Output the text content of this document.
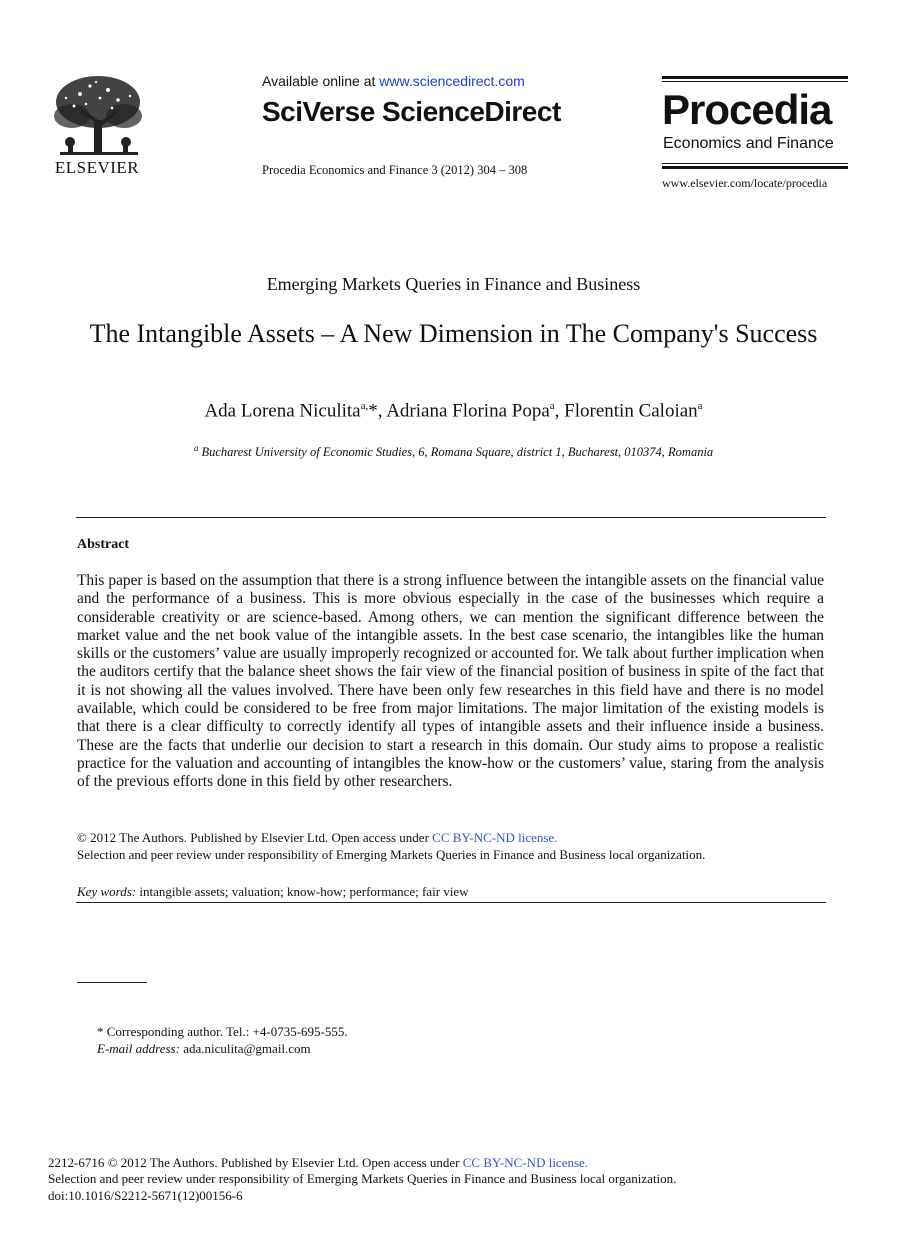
ELSEVIER
Available online at www.sciencedirect.com
SciVerse ScienceDirect
Procedia Economics and Finance 3 (2012) 304 – 308
Procedia
Economics and Finance
www.elsevier.com/locate/procedia
Emerging Markets Queries in Finance and Business
The Intangible Assets – A New Dimension in The Company's Success
Ada Lorena Niculita$^{a,}$*, Adriana Florina Popa$^a$, Florentin Caloian$^a$
$^a$ Bucharest University of Economic Studies, 6, Romana Square, district 1, Bucharest, 010374, Romania
Abstract
This paper is based on the assumption that there is a strong influence between the intangible assets on the financial value and the performance of a business. This is more obvious especially in the case of the businesses which require a considerable creativity or are science-based. Among others, we can mention the significant difference between the market value and the net book value of the intangible assets. In the best case scenario, the intangibles like the human skills or the customers’ value are usually improperly recognized or accounted for. We talk about further implication when the auditors certify that the balance sheet shows the fair view of the financial position of business in spite of the fact that it is not showing all the values involved. There have been only few researches in this field have and there is no model available, which could be considered to be free from major limitations. The major limitation of the existing models is that there is a clear difficulty to correctly identify all types of intangible assets and their influence inside a business. These are the facts that underlie our decision to start a research in this domain. Our study aims to propose a realistic practice for the valuation and accounting of intangibles the know-how or the customers’ value, staring from the analysis of the previous efforts done in this field by other researchers.
© 2012 The Authors. Published by Elsevier Ltd. Open access under CC BY-NC-ND license.
Selection and peer review under responsibility of Emerging Markets Queries in Finance and Business local organization.
Key words: intangible assets; valuation; know-how; performance; fair view
* Corresponding author. Tel.: +4-0735-695-555.
E-mail address: ada.niculita@gmail.com
2212-6716 © 2012 The Authors. Published by Elsevier Ltd. Open access under CC BY-NC-ND license.
Selection and peer review under responsibility of Emerging Markets Queries in Finance and Business local organization.
doi:10.1016/S2212-5671(12)00156-6
